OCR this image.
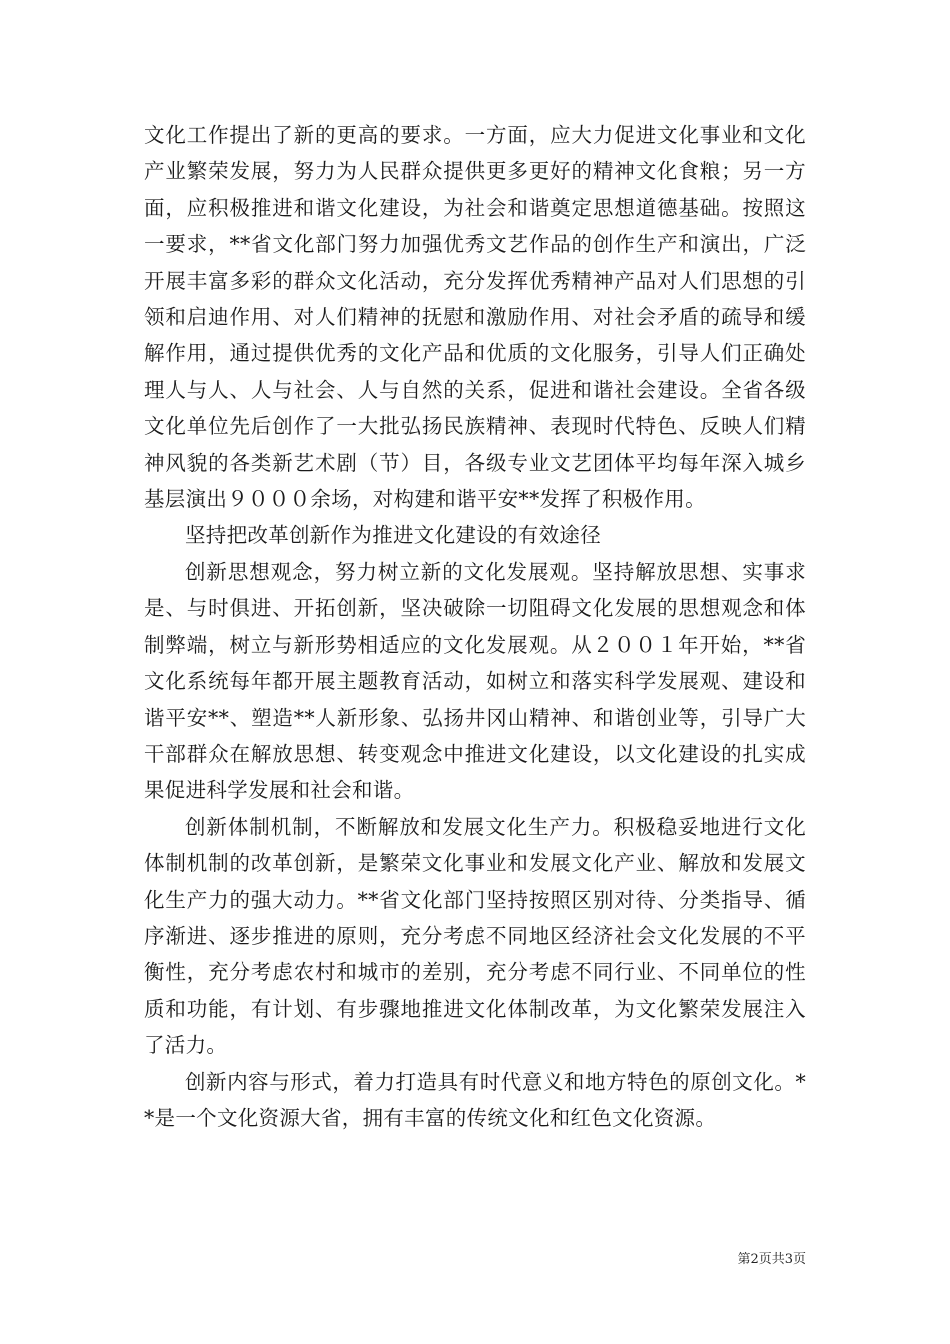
文化工作提出了新的更高的要求。一方面，应大力促进文化事业和文化产业繁荣发展，努力为人民群众提供更多更好的精神文化食粮；另一方面，应积极推进和谐文化建设，为社会和谐奠定思想道德基础。按照这一要求，**省文化部门努力加强优秀文艺作品的创作生产和演出，广泛开展丰富多彩的群众文化活动，充分发挥优秀精神产品对人们思想的引领和启迪作用、对人们精神的抚慰和激励作用、对社会矛盾的疏导和缓解作用，通过提供优秀的文化产品和优质的文化服务，引导人们正确处理人与人、人与社会、人与自然的关系，促进和谐社会建设。全省各级文化单位先后创作了一大批弘扬民族精神、表现时代特色、反映人们精神风貌的各类新艺术剧（节）目，各级专业文艺团体平均每年深入城乡基层演出９０００余场，对构建和谐平安**发挥了积极作用。

坚持把改革创新作为推进文化建设的有效途径

创新思想观念，努力树立新的文化发展观。坚持解放思想、实事求是、与时俱进、开拓创新，坚决破除一切阻碍文化发展的思想观念和体制弊端，树立与新形势相适应的文化发展观。从２００１年开始，**省文化系统每年都开展主题教育活动，如树立和落实科学发展观、建设和谐平安**、塑造**人新形象、弘扬井冈山精神、和谐创业等，引导广大干部群众在解放思想、转变观念中推进文化建设，以文化建设的扎实成果促进科学发展和社会和谐。

创新体制机制，不断解放和发展文化生产力。积极稳妥地进行文化体制机制的改革创新，是繁荣文化事业和发展文化产业、解放和发展文化生产力的强大动力。**省文化部门坚持按照区别对待、分类指导、循序渐进、逐步推进的原则，充分考虑不同地区经济社会文化发展的不平衡性，充分考虑农村和城市的差别，充分考虑不同行业、不同单位的性质和功能，有计划、有步骤地推进文化体制改革，为文化繁荣发展注入了活力。

创新内容与形式，着力打造具有时代意义和地方特色的原创文化。**是一个文化资源大省，拥有丰富的传统文化和红色文化资源。

第2页共3页
